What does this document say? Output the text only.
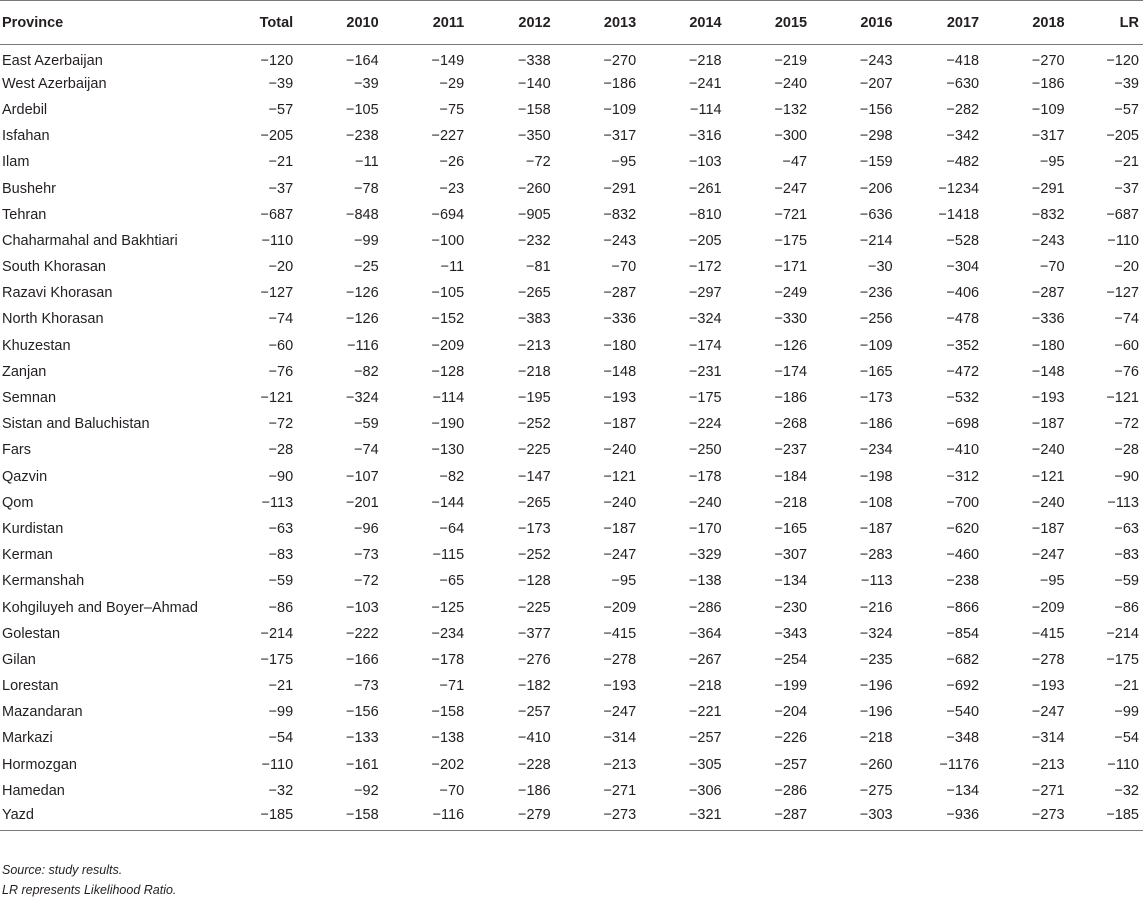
Province	Total	2010	2011	2012	2013	2014	2015	2016	2017	2018	LR
East Azerbaijan	−120	−164	−149	−338	−270	−218	−219	−243	−418	−270	−120
West Azerbaijan	−39	−39	−29	−140	−186	−241	−240	−207	−630	−186	−39
Ardebil	−57	−105	−75	−158	−109	−114	−132	−156	−282	−109	−57
Isfahan	−205	−238	−227	−350	−317	−316	−300	−298	−342	−317	−205
Ilam	−21	−11	−26	−72	−95	−103	−47	−159	−482	−95	−21
Bushehr	−37	−78	−23	−260	−291	−261	−247	−206	−1234	−291	−37
Tehran	−687	−848	−694	−905	−832	−810	−721	−636	−1418	−832	−687
Chaharmahal and Bakhtiari	−110	−99	−100	−232	−243	−205	−175	−214	−528	−243	−110
South Khorasan	−20	−25	−11	−81	−70	−172	−171	−30	−304	−70	−20
Razavi Khorasan	−127	−126	−105	−265	−287	−297	−249	−236	−406	−287	−127
North Khorasan	−74	−126	−152	−383	−336	−324	−330	−256	−478	−336	−74
Khuzestan	−60	−116	−209	−213	−180	−174	−126	−109	−352	−180	−60
Zanjan	−76	−82	−128	−218	−148	−231	−174	−165	−472	−148	−76
Semnan	−121	−324	−114	−195	−193	−175	−186	−173	−532	−193	−121
Sistan and Baluchistan	−72	−59	−190	−252	−187	−224	−268	−186	−698	−187	−72
Fars	−28	−74	−130	−225	−240	−250	−237	−234	−410	−240	−28
Qazvin	−90	−107	−82	−147	−121	−178	−184	−198	−312	−121	−90
Qom	−113	−201	−144	−265	−240	−240	−218	−108	−700	−240	−113
Kurdistan	−63	−96	−64	−173	−187	−170	−165	−187	−620	−187	−63
Kerman	−83	−73	−115	−252	−247	−329	−307	−283	−460	−247	−83
Kermanshah	−59	−72	−65	−128	−95	−138	−134	−113	−238	−95	−59
Kohgiluyeh and Boyer–Ahmad	−86	−103	−125	−225	−209	−286	−230	−216	−866	−209	−86
Golestan	−214	−222	−234	−377	−415	−364	−343	−324	−854	−415	−214
Gilan	−175	−166	−178	−276	−278	−267	−254	−235	−682	−278	−175
Lorestan	−21	−73	−71	−182	−193	−218	−199	−196	−692	−193	−21
Mazandaran	−99	−156	−158	−257	−247	−221	−204	−196	−540	−247	−99
Markazi	−54	−133	−138	−410	−314	−257	−226	−218	−348	−314	−54
Hormozgan	−110	−161	−202	−228	−213	−305	−257	−260	−1176	−213	−110
Hamedan	−32	−92	−70	−186	−271	−306	−286	−275	−134	−271	−32
Yazd	−185	−158	−116	−279	−273	−321	−287	−303	−936	−273	−185
Source: study results.
LR represents Likelihood Ratio.
